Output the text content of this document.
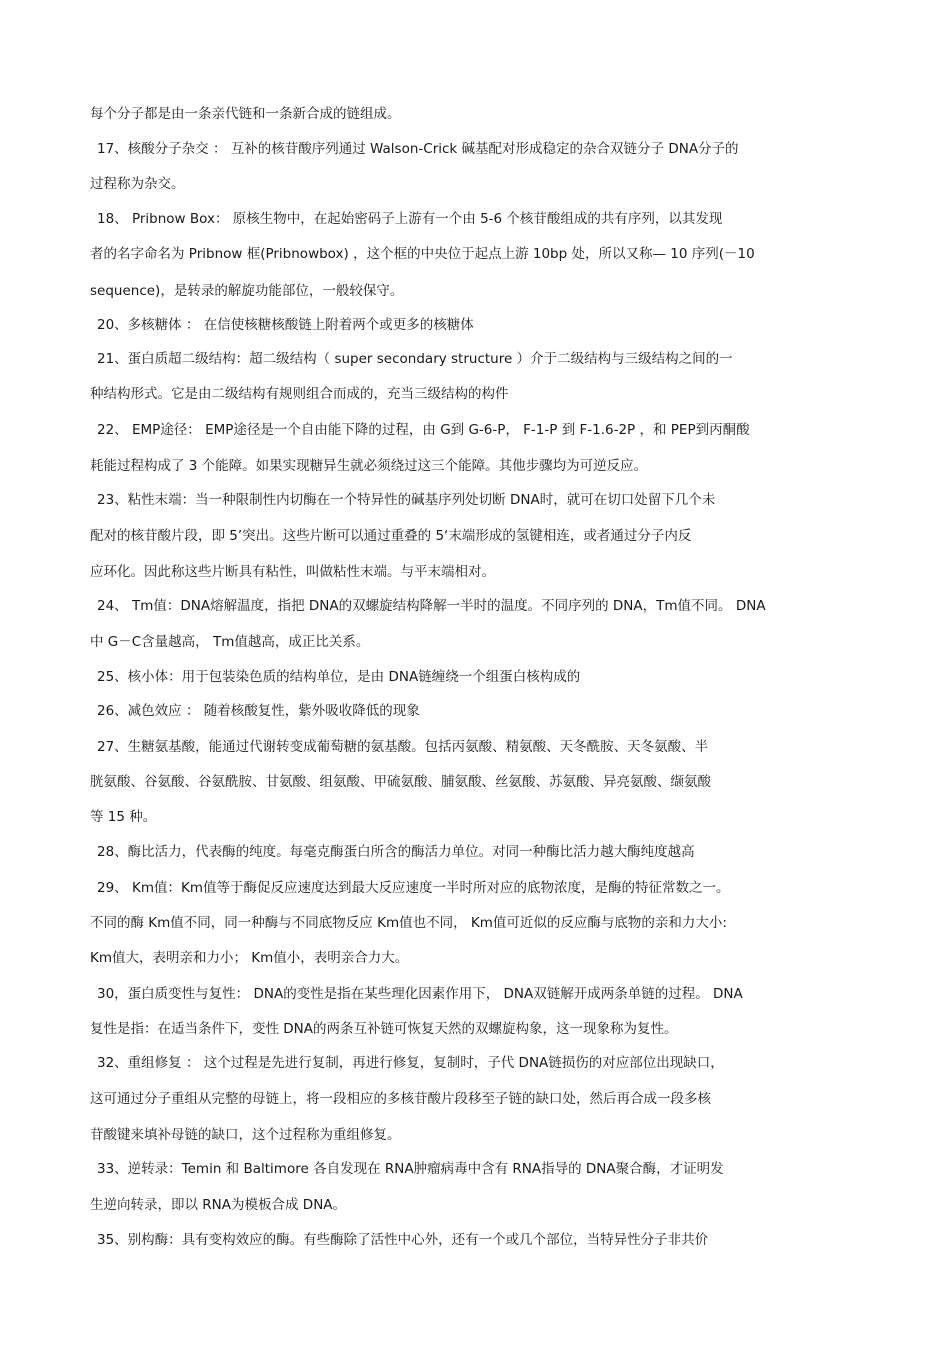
每个分子都是由一条亲代链和一条新合成的链组成。
17、核酸分子杂交 ： 互补的核苷酸序列通过 Walson-Crick 碱基配对形成稳定的杂合双链分子 DNA分子的
过程称为杂交。
18、 Pribnow Box： 原核生物中，在起始密码子上游有一个由 5-6 个核苷酸组成的共有序列，以其发现
者的名字命名为 Pribnow 框(Pribnowbox) ，这个框的中央位于起点上游 10bp 处，所以又称— 10 序列(－10
sequence)，是转录的解旋功能部位，一般较保守。
20、多核糖体 ： 在信使核糖核酸链上附着两个或更多的核糖体
21、蛋白质超二级结构：超二级结构（ super secondary structure ）介于二级结构与三级结构之间的一
种结构形式。它是由二级结构有规则组合而成的，充当三级结构的构件
22、 EMP途径： EMP途径是一个自由能下降的过程，由 G到 G-6-P， F-1-P 到 F-1.6-2P ，和 PEP到丙酮酸
耗能过程构成了 3 个能障。如果实现糖异生就必须绕过这三个能障。其他步骤均为可逆反应。
23、粘性末端：当一种限制性内切酶在一个特异性的碱基序列处切断 DNA时，就可在切口处留下几个未
配对的核苷酸片段，即 5’突出。这些片断可以通过重叠的 5‘末端形成的氢键相连，或者通过分子内反
应环化。因此称这些片断具有粘性，叫做粘性末端。与平末端相对。
24、 Tm值：DNA熔解温度，指把 DNA的双螺旋结构降解一半时的温度。不同序列的 DNA，Tm值不同。 DNA
中 G－C含量越高， Tm值越高，成正比关系。
25、核小体：用于包装染色质的结构单位，是由 DNA链缠绕一个组蛋白核构成的
26、减色效应 ： 随着核酸复性，紫外吸收降低的现象
27、生糖氨基酸，能通过代谢转变成葡萄糖的氨基酸。包括丙氨酸、精氨酸、天冬酰胺、天冬氨酸、半
胱氨酸、谷氨酸、谷氨酰胺、甘氨酸、组氨酸、甲硫氨酸、脯氨酸、丝氨酸、苏氨酸、异亮氨酸、缬氨酸
等 15 种。
28、酶比活力，代表酶的纯度。每毫克酶蛋白所含的酶活力单位。对同一种酶比活力越大酶纯度越高
29、 Km值：Km值等于酶促反应速度达到最大反应速度一半时所对应的底物浓度，是酶的特征常数之一。
不同的酶 Km值不同，同一种酶与不同底物反应 Km值也不同， Km值可近似的反应酶与底物的亲和力大小:
Km值大，表明亲和力小； Km值小，表明亲合力大。
30，蛋白质变性与复性： DNA的变性是指在某些理化因素作用下， DNA双链解开成两条单链的过程。 DNA
复性是指：在适当条件下，变性 DNA的两条互补链可恢复天然的双螺旋构象，这一现象称为复性。
32、重组修复 ： 这个过程是先进行复制，再进行修复，复制时，子代 DNA链损伤的对应部位出现缺口，
这可通过分子重组从完整的母链上，将一段相应的多核苷酸片段移至子链的缺口处，然后再合成一段多核
苷酸键来填补母链的缺口，这个过程称为重组修复。
33、逆转录：Temin 和 Baltimore 各自发现在 RNA肿瘤病毒中含有 RNA指导的 DNA聚合酶，才证明发
生逆向转录，即以 RNA为模板合成 DNA。
35、别构酶：具有变构效应的酶。有些酶除了活性中心外，还有一个或几个部位，当特异性分子非共价
